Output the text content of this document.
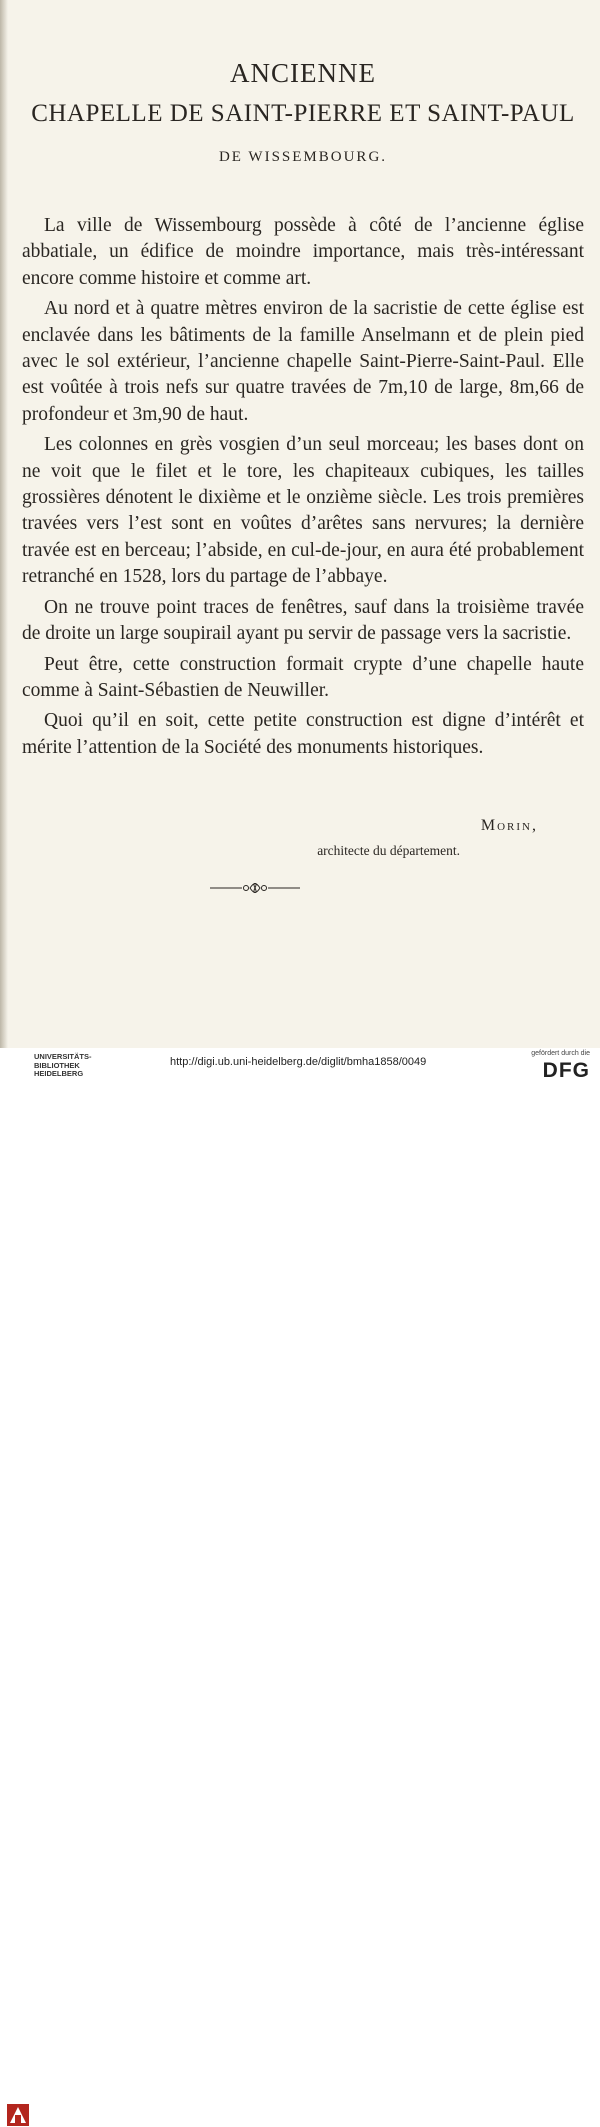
ANCIENNE
CHAPELLE DE SAINT-PIERRE ET SAINT-PAUL
DE WISSEMBOURG.

La ville de Wissembourg possède à côté de l’ancienne église abbatiale, un édifice de moindre importance, mais très-intéressant encore comme histoire et comme art.

Au nord et à quatre mètres environ de la sacristie de cette église est enclavée dans les bâtiments de la famille Anselmann et de plein pied avec le sol extérieur, l’ancienne chapelle Saint-Pierre-Saint-Paul. Elle est voûtée à trois nefs sur quatre travées de 7m,10 de large, 8m,66 de profondeur et 3m,90 de haut.

Les colonnes en grès vosgien d’un seul morceau; les bases dont on ne voit que le filet et le tore, les chapiteaux cubiques, les tailles grossières dénotent le dixième et le onzième siècle. Les trois premières travées vers l’est sont en voûtes d’arêtes sans nervures; la dernière travée est en berceau; l’abside, en cul-de-jour, en aura été probablement retranché en 1528, lors du partage de l’abbaye.

On ne trouve point traces de fenêtres, sauf dans la troisième travée de droite un large soupirail ayant pu servir de passage vers la sacristie.

Peut être, cette construction formait crypte d’une chapelle haute comme à Saint-Sébastien de Neuwiller.

Quoi qu’il en soit, cette petite construction est digne d’intérêt et mérite l’attention de la Société des monuments historiques.

Morin,
architecte du département.
UNIVERSITÄTS-
BIBLIOTHEK
HEIDELBERG
http://digi.ub.uni-heidelberg.de/diglit/bmha1858/0049
gefördert durch die
DFG
